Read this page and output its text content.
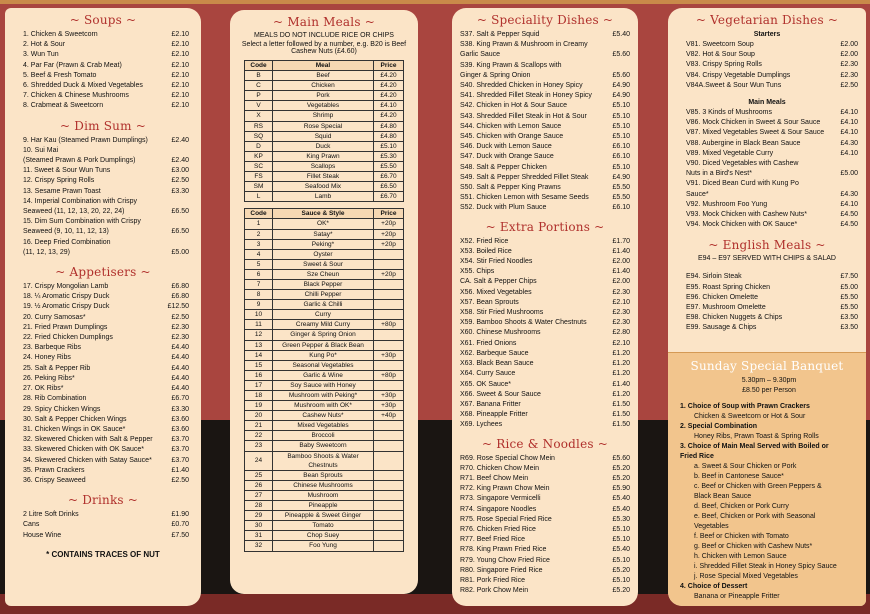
~ Soups ~
1. Chicken & Sweetcorn	£2.10
2. Hot & Sour	£2.10
3. Wun Tun	£2.10
4. Par Far (Prawn & Crab Meat)	£2.10
5. Beef & Fresh Tomato	£2.10
6. Shredded Duck & Mixed Vegetables	£2.10
7. Chicken & Chinese Mushrooms	£2.10
8. Crabmeat & Sweetcorn	£2.10
~ Dim Sum ~
9. Har Kau (Steamed Prawn Dumplings)	£2.40
10. Sui Mai
(Steamed Prawn & Pork Dumplings)	£2.40
11. Sweet & Sour Wun Tuns	£3.00
12. Crispy Spring Rolls	£2.50
13. Sesame Prawn Toast	£3.30
14. Imperial Combination with Crispy
Seaweed (11, 12, 13, 20, 22, 24)	£6.50
15. Dim Sum Combination with Crispy
Seaweed (9, 10, 11, 12, 13)	£6.50
16. Deep Fried Combination
(11, 12, 13, 29)	£5.00
~ Appetisers ~
17. Crispy Mongolian Lamb	£6.80
18. ¼ Aromatic Crispy Duck	£6.80
19. ½ Aromatic Crispy Duck	£12.50
20. Curry Samosas*	£2.50
21. Fried Prawn Dumplings	£2.30
22. Fried Chicken Dumplings	£2.30
23. Barbeque Ribs	£4.40
24. Honey Ribs	£4.40
25. Salt & Pepper Rib	£4.40
26. Peking Ribs*	£4.40
27. OK Ribs*	£4.40
28. Rib Combination	£6.70
29. Spicy Chicken Wings	£3.30
30. Salt & Pepper Chicken Wings	£3.60
31. Chicken Wings in OK Sauce*	£3.60
32. Skewered Chicken with Salt & Pepper	£3.70
33. Skewered Chicken with OK Sauce*	£3.70
34. Skewered Chicken with Satay Sauce*	£3.70
35. Prawn Crackers	£1.40
36. Crispy Seaweed	£2.50
~ Drinks ~
2 Litre Soft Drinks	£1.90
Cans	£0.70
House Wine	£7.50
* CONTAINS TRACES OF NUT
~ Main Meals ~
MEALS DO NOT INCLUDE RICE OR CHIPS
Select a letter followed by a number, e.g. B20 is Beef Cashew Nuts (£4.60)
Code	Meal	Price
B	Beef	£4.20
C	Chicken	£4.20
P	Pork	£4.20
V	Vegetables	£4.10
X	Shrimp	£4.20
RS	Rose Special	£4.80
SQ	Squid	£4.80
D	Duck	£5.10
KP	King Prawn	£5.30
SC	Scallops	£5.50
FS	Fillet Steak	£6.70
SM	Seafood Mix	£6.50
L	Lamb	£6.70
Code	Sauce & Style	Price
1	OK*	+20p
2	Satay*	+20p
3	Peking*	+20p
4	Oyster	
5	Sweet & Sour	
6	Sze Cheun	+20p
7	Black Pepper	
8	Chilli Pepper	
9	Garlic & Chilli	
10	Curry	
11	Creamy Mild Curry	+80p
12	Ginger & Spring Onion	
13	Green Pepper & Black Bean	
14	Kung Po*	+30p
15	Seasonal Vegetables	
16	Garlic & Wine	+80p
17	Soy Sauce with Honey	
18	Mushroom with Peking*	+30p
19	Mushroom with OK*	+30p
20	Cashew Nuts*	+40p
21	Mixed Vegetables	
22	Broccoli	
23	Baby Sweetcorn	
24	Bamboo Shoots & Water Chestnuts	
25	Bean Sprouts	
26	Chinese Mushrooms	
27	Mushroom	
28	Pineapple	
29	Pineapple & Sweet Ginger	
30	Tomato	
31	Chop Suey	
32	Foo Yung	
~ Speciality Dishes ~
S37. Salt & Pepper Squid	£5.40
S38. King Prawn & Mushroom in Creamy
Garlic Sauce	£5.60
S39. King Prawn & Scallops with
Ginger & Spring Onion	£5.60
S40. Shredded Chicken in Honey Spicy	£4.90
S41. Shredded Fillet Steak in Honey Spicy	£4.90
S42. Chicken in Hot & Sour Sauce	£5.10
S43. Shredded Fillet Steak in Hot & Sour	£5.10
S44. Chicken with Lemon Sauce	£5.10
S45. Chicken with Orange Sauce	£5.10
S46. Duck with Lemon Sauce	£6.10
S47. Duck with Orange Sauce	£6.10
S48. Salt & Pepper Chicken	£5.10
S49. Salt & Pepper Shredded Fillet Steak	£4.90
S50. Salt & Pepper King Prawns	£5.50
S51. Chicken Lemon with Sesame Seeds	£5.50
S52. Duck with Plum Sauce	£6.10
~ Extra Portions ~
X52. Fried Rice	£1.70
X53. Boiled Rice	£1.40
X54. Stir Fried Noodles	£2.00
X55. Chips	£1.40
CA. Salt & Pepper Chips	£2.00
X56. Mixed Vegetables	£2.30
X57. Bean Sprouts	£2.10
X58. Stir Fried Mushrooms	£2.30
X59. Bamboo Shoots & Water Chestnuts	£2.30
X60. Chinese Mushrooms	£2.80
X61. Fried Onions	£2.10
X62. Barbeque Sauce	£1.20
X63. Black Bean Sauce	£1.20
X64. Curry Sauce	£1.20
X65. OK Sauce*	£1.40
X66. Sweet & Sour Sauce	£1.20
X67. Banana Fritter	£1.50
X68. Pineapple Fritter	£1.50
X69. Lychees	£1.50
~ Rice & Noodles ~
R69. Rose Special Chow Mein	£5.60
R70. Chicken Chow Mein	£5.20
R71. Beef Chow Mein	£5.20
R72. King Prawn Chow Mein	£5.90
R73. Singapore Vermicelli	£5.40
R74. Singapore Noodles	£5.40
R75. Rose Special Fried Rice	£5.30
R76. Chicken Fried Rice	£5.10
R77. Beef Fried Rice	£5.10
R78. King Prawn Fried Rice	£5.40
R79. Young Chow Fried Rice	£5.10
R80. Singapore Fried Rice	£5.20
R81. Pork Fried Rice	£5.10
R82. Pork Chow Mein	£5.20
~ Vegetarian Dishes ~
Starters
V81. Sweetcorn Soup	£2.00
V82. Hot & Sour Soup	£2.00
V83. Crispy Spring Rolls	£2.30
V84. Crispy Vegetable Dumplings	£2.30
V84A.Sweet & Sour Wun Tuns	£2.50
Main Meals
V85. 3 Kinds of Mushrooms	£4.10
V86. Mock Chicken in Sweet & Sour Sauce	£4.10
V87. Mixed Vegetables Sweet & Sour Sauce	£4.10
V88. Aubergine in Black Bean Sauce	£4.30
V89. Mixed Vegetable Curry	£4.10
V90. Diced Vegetables with Cashew
Nuts in a Bird's Nest*	£5.00
V91. Diced Bean Curd with Kung Po
Sauce*	£4.30
V92. Mushroom Foo Yung	£4.10
V93. Mock Chicken with Cashew Nuts*	£4.50
V94. Mock Chicken with OK Sauce*	£4.50
~ English Meals ~
E94 – E97 SERVED WITH CHIPS & SALAD
E94. Sirloin Steak	£7.50
E95. Roast Spring Chicken	£5.00
E96. Chicken Omelette	£5.50
E97. Mushroom Omelette	£5.50
E98. Chicken Nuggets & Chips	£3.50
E99. Sausage & Chips	£3.50
Sunday Special Banquet
5.30pm – 9.30pm
£8.50 per Person
1. Choice of Soup with Prawn Crackers
Chicken & Sweetcorn or Hot & Sour
2. Special Combination
Honey Ribs, Prawn Toast & Spring Rolls
3. Choice of Main Meal Served with Boiled or
Fried Rice
a. Sweet & Sour Chicken or Pork
b. Beef in Cantonese Sauce*
c. Beef or Chicken with Green Peppers &
Black Bean Sauce
d. Beef, Chicken or Pork Curry
e. Beef, Chicken or Pork with Seasonal
Vegetables
f. Beef or Chicken with Tomato
g. Beef or Chicken with Cashew Nuts*
h. Chicken with Lemon Sauce
i. Shredded Fillet Steak in Honey Spicy Sauce
j. Rose Special Mixed Vegetables
4. Choice of Dessert
Banana or Pineapple Fritter
